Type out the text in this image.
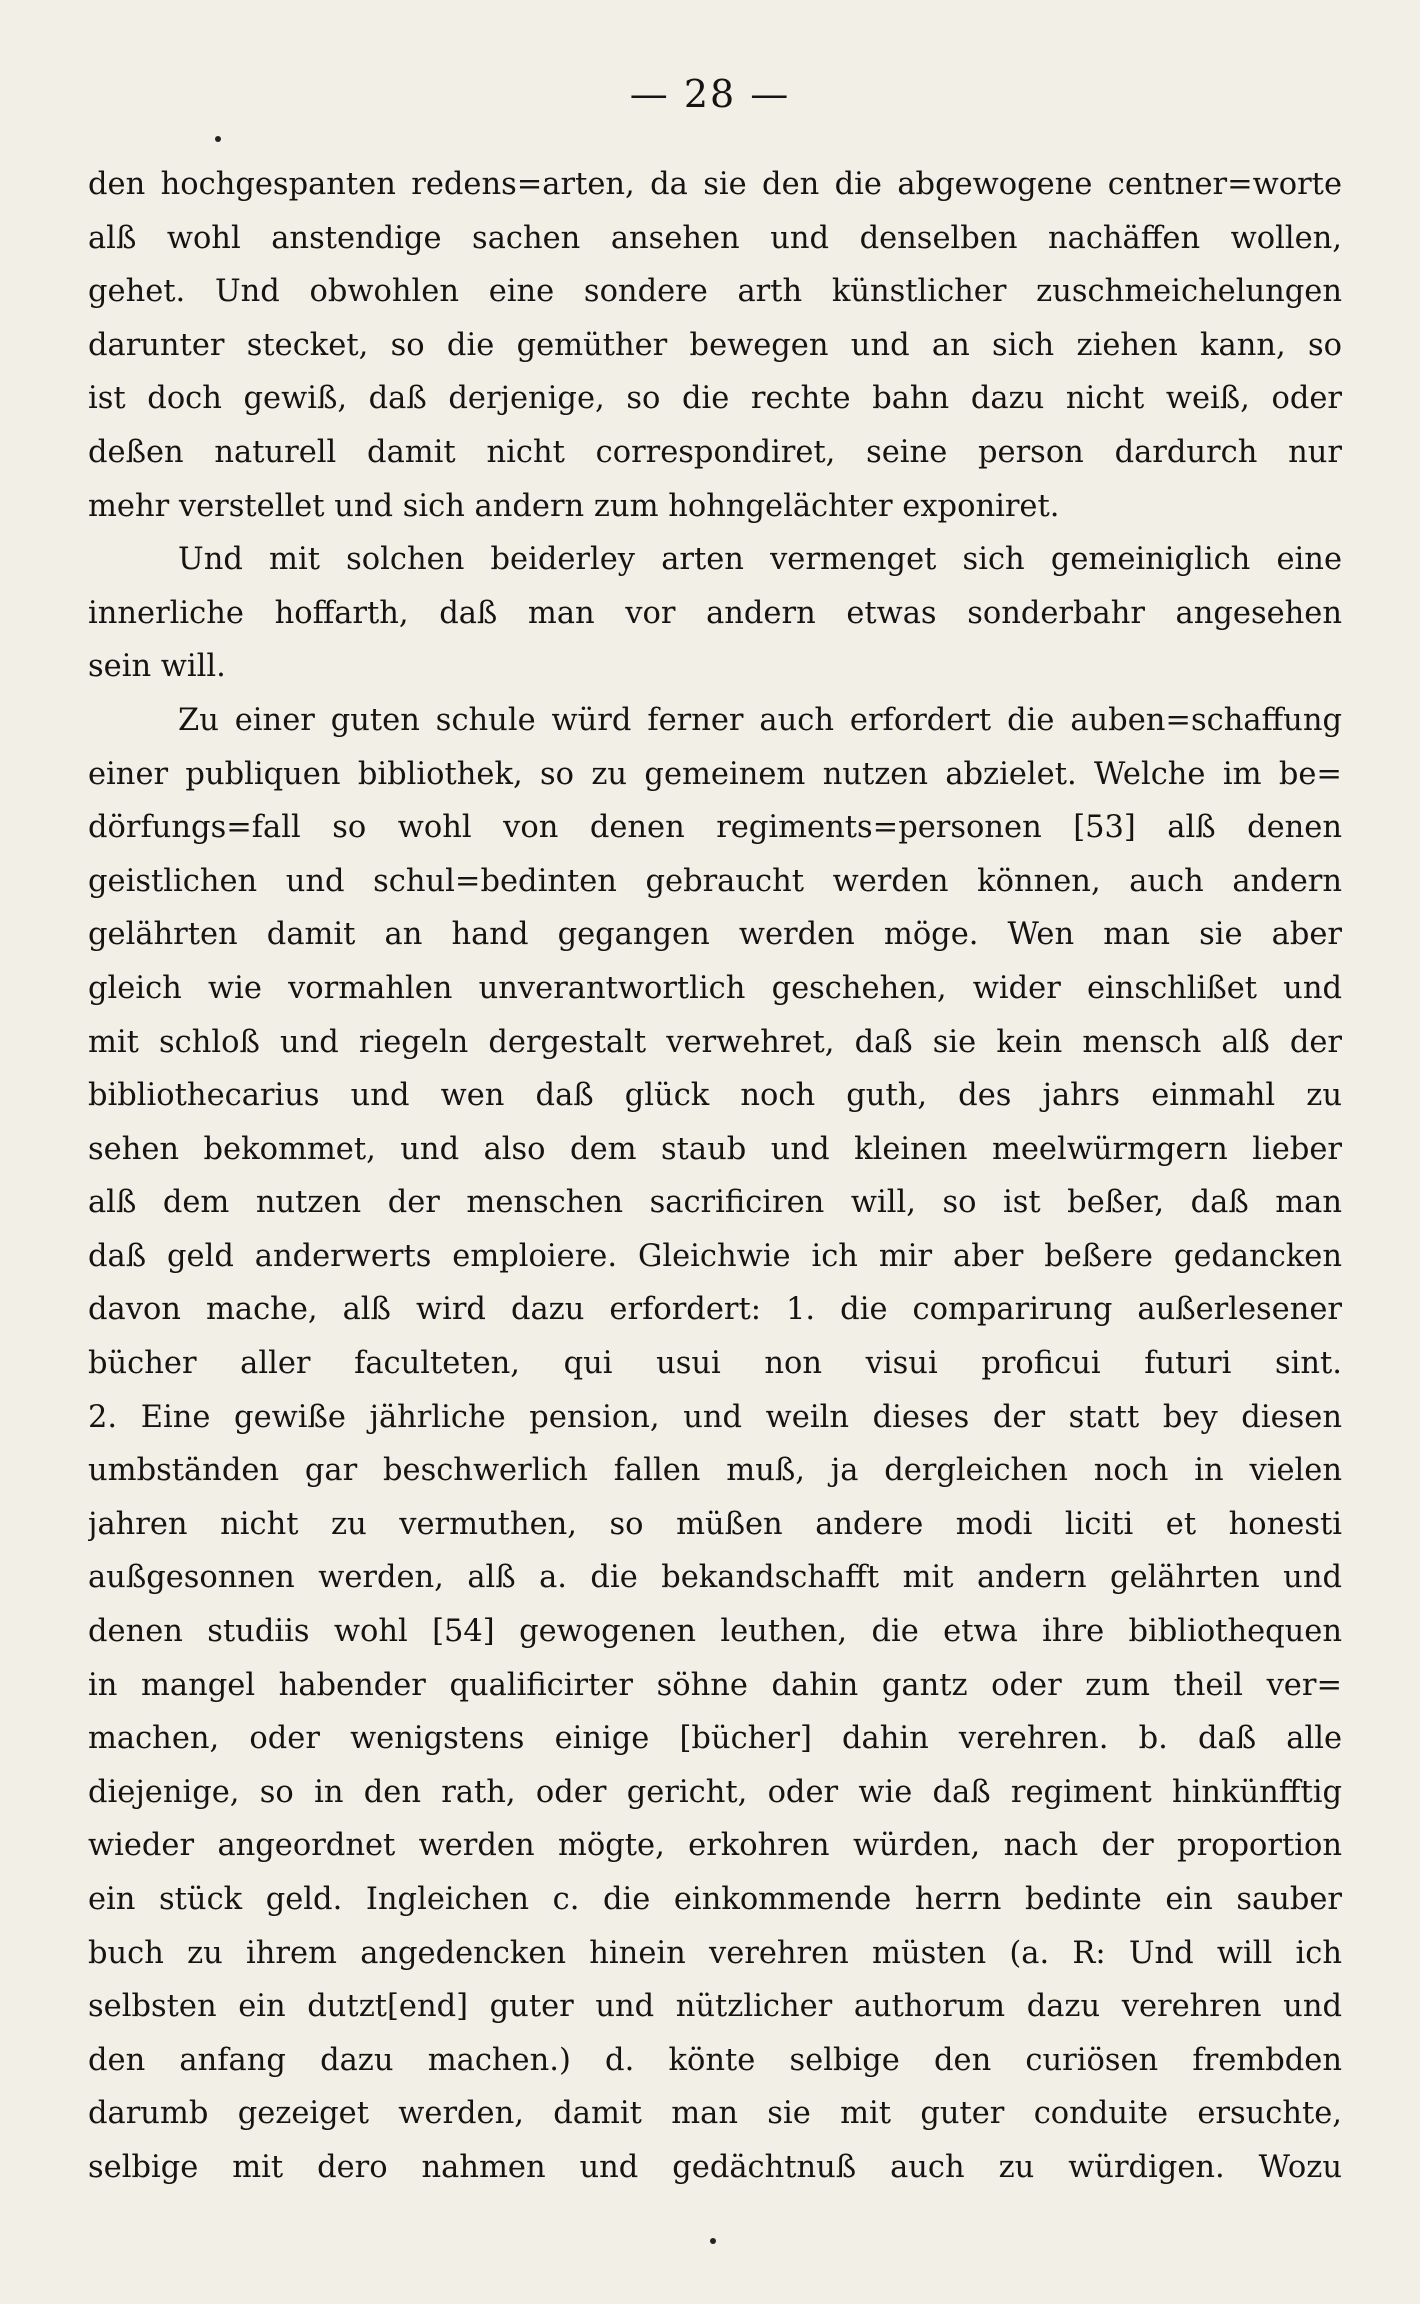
— 28 —
den hochgespanten redens=arten, da sie den die abgewogene centner=worte
alß wohl anstendige sachen ansehen und denselben nachäffen wollen,
gehet. Und obwohlen eine sondere arth künstlicher zuschmeichelungen
darunter stecket, so die gemüther bewegen und an sich ziehen kann, so
ist doch gewiß, daß derjenige, so die rechte bahn dazu nicht weiß, oder
deßen naturell damit nicht correspondiret, seine person dardurch nur
mehr verstellet und sich andern zum hohngelächter exponiret.
Und mit solchen beiderley arten vermenget sich gemeiniglich eine
innerliche hoffarth, daß man vor andern etwas sonderbahr angesehen
sein will.
Zu einer guten schule würd ferner auch erfordert die auben=schaffung
einer publiquen bibliothek, so zu gemeinem nutzen abzielet. Welche im be=
dörfungs=fall so wohl von denen regiments=personen [53] alß denen
geistlichen und schul=bedinten gebraucht werden können, auch andern
gelährten damit an hand gegangen werden möge. Wen man sie aber
gleich wie vormahlen unverantwortlich geschehen, wider einschlißet und
mit schloß und riegeln dergestalt verwehret, daß sie kein mensch alß der
bibliothecarius und wen daß glück noch guth, des jahrs einmahl zu
sehen bekommet, und also dem staub und kleinen meelwürmgern lieber
alß dem nutzen der menschen sacrificiren will, so ist beßer, daß man
daß geld anderwerts emploiere. Gleichwie ich mir aber beßere gedancken
davon mache, alß wird dazu erfordert: 1. die comparirung außerlesener
bücher aller faculteten, qui usui non visui proficui futuri sint.
2. Eine gewiße jährliche pension, und weiln dieses der statt bey diesen
umbständen gar beschwerlich fallen muß, ja dergleichen noch in vielen
jahren nicht zu vermuthen, so müßen andere modi liciti et honesti
außgesonnen werden, alß a. die bekandschafft mit andern gelährten und
denen studiis wohl [54] gewogenen leuthen, die etwa ihre bibliothequen
in mangel habender qualificirter söhne dahin gantz oder zum theil ver=
machen, oder wenigstens einige [bücher] dahin verehren. b. daß alle
diejenige, so in den rath, oder gericht, oder wie daß regiment hinkünfftig
wieder angeordnet werden mögte, erkohren würden, nach der proportion
ein stück geld. Ingleichen c. die einkommende herrn bedinte ein sauber
buch zu ihrem angedencken hinein verehren müsten (a. R: Und will ich
selbsten ein dutzt[end] guter und nützlicher authorum dazu verehren und
den anfang dazu machen.) d. könte selbige den curiösen frembden
darumb gezeiget werden, damit man sie mit guter conduite ersuchte,
selbige mit dero nahmen und gedächtnuß auch zu würdigen. Wozu
